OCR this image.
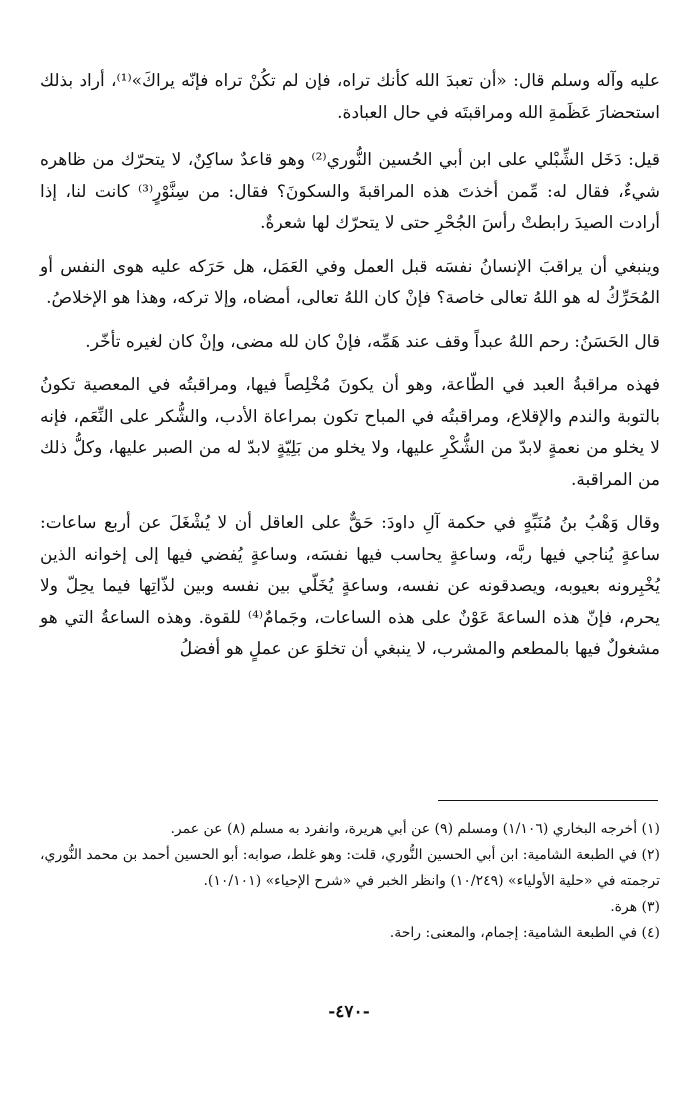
عليه وآله وسلم قال: «أن تعبدَ الله كأنك تراه، فإن لم تكُنْ تراه فإنّه يراكَ»⁽¹⁾، أراد بذلك استحضارَ عَظَمةِ الله ومراقبتَه في حال العبادة.

قيل: دَخَل الشِّبْلي على ابن أبي الحُسين النُّوري⁽²⁾ وهو قاعدٌ ساكِنٌ، لا يتحرّك من ظاهره شيءٌ، فقال له: مِّمن أخذتَ هذه المراقبةَ والسكونَ؟ فقال: من سِنَّوْرٍ⁽³⁾ كانت لنا، إذا أرادت الصيدَ رابطتْ رأسَ الجُحْرِ حتى لا يتحرّك لها شعرةٌ.

وينبغي أن يراقبَ الإنسانُ نفسَه قبل العمل وفي العَمَل، هل حَرَكه عليه هوى النفس أو المُحَرِّكُ له هو اللهُ تعالى خاصة؟ فإنْ كان اللهُ تعالى، أمضاه، وإلا تركه، وهذا هو الإخلاصُ.

قال الحَسَنُ: رحم اللهُ عبداً وقف عند هَمِّه، فإنْ كان لله مضى، وإنْ كان لغيره تأخّر.

فهذه مراقبةُ العبد في الطّاعة، وهو أن يكونَ مُخْلِصاً فيها، ومراقبتُه في المعصية تكونُ بالتوبة والندم والإقلاع، ومراقبتُه في المباح تكون بمراعاة الأدب، والشُّكر على النِّعَم، فإنه لا يخلو من نعمةٍ لابدّ من الشُّكْرِ عليها، ولا يخلو من بَلِيّةٍ لابدّ له من الصبر عليها، وكلُّ ذلك من المراقبة.

وقال وَهْبُ بنُ مُنَبِّهٍ في حكمة آلِ داودَ: حَقٌّ على العاقل أن لا يُشْغَلَ عن أربع ساعات: ساعةٍ يُناجي فيها ربَّه، وساعةٍ يحاسب فيها نفسَه، وساعةٍ يُفضي فيها إلى إخوانه الذين يُخْبِرونه بعيوبه، ويصدقونه عن نفسه، وساعةٍ يُخَلّي بين نفسه وبين لذّاتِها فيما يحِلّ ولا يحرم، فإنّ هذه الساعةَ عَوْنٌ على هذه الساعات، وجَمامٌ⁽⁴⁾ للقوة. وهذه الساعةُ التي هو مشغولٌ فيها بالمطعم والمشرب، لا ينبغي أن تخلوَ عن عملٍ هو أفضلُ

(١) أخرجه البخاري (١/١٠٦) ومسلم (٩) عن أبي هريرة، وانفرد به مسلم (٨) عن عمر.

(٢) في الطبعة الشامية: ابن أبي الحسين النُّوري، قلت: وهو غلط، صوابه: أبو الحسين أحمد بن محمد النُّوري، ترجمته في «حلية الأولياء» (١٠/٢٤٩) وانظر الخبر في «شرح الإحياء» (١٠/١٠١).

(٣) هرة.

(٤) في الطبعة الشامية: إجمام، والمعنى: راحة.

-٤٧٠-
